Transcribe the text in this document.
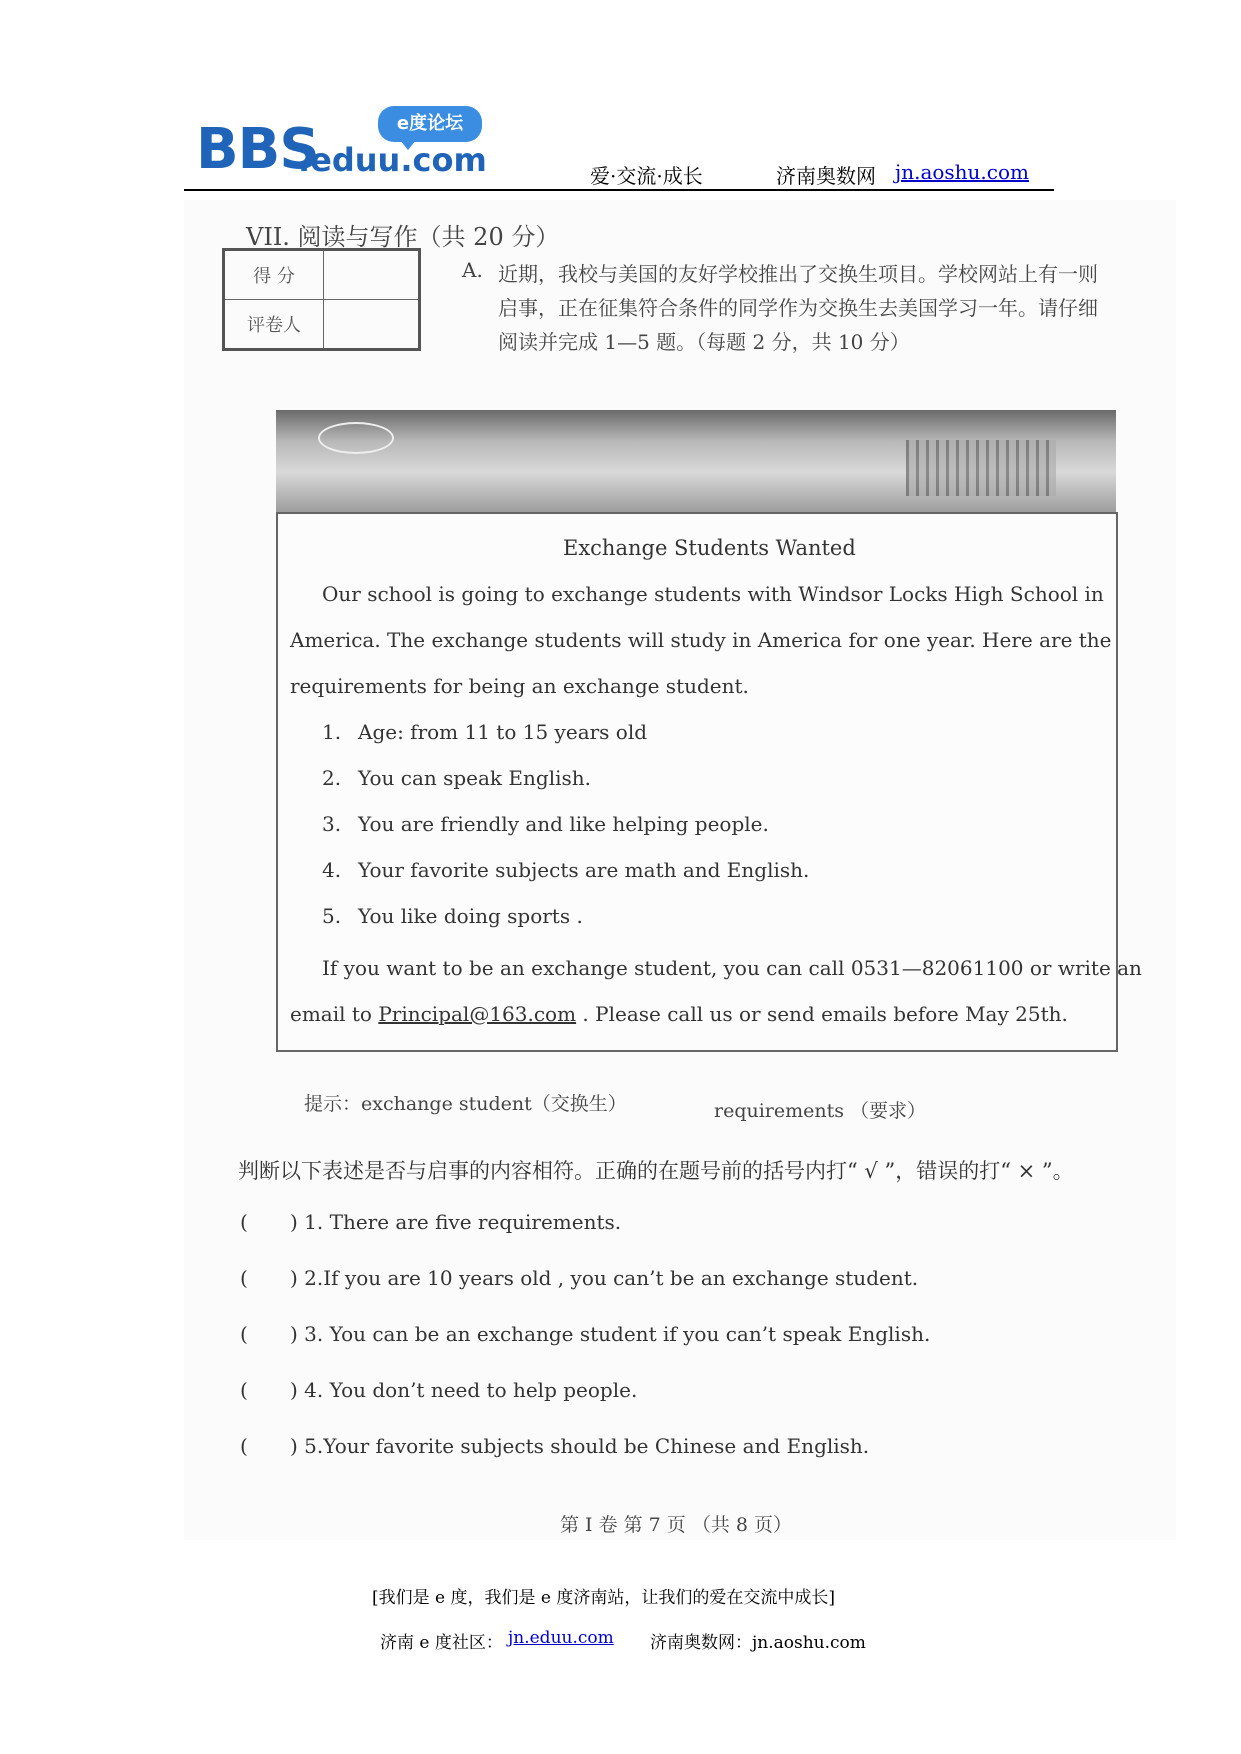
e度论坛
BBS
.eduu.com	爱·交流·成长	济南奥数网 jn.aoshu.com
VII. 阅读与写作（共 20 分）
得 分	
评卷人	
A. 近期，我校与美国的友好学校推出了交换生项目。学校网站上有一则
启事，正在征集符合条件的同学作为交换生去美国学习一年。请仔细
阅读并完成 1—5 题。（每题 2 分，共 10 分）
Exchange Students Wanted
Our school is going to exchange students with Windsor Locks High School in
America. The exchange students will study in America for one year. Here are the
requirements for being an exchange student.
1. Age: from 11 to 15 years old
2. You can speak English.
3. You are friendly and like helping people.
4. Your favorite subjects are math and English.
5. You like doing sports .
If you want to be an exchange student, you can call 0531—82061100 or write an
email to Principal@163.com . Please call us or send emails before May 25th.
提示：exchange student（交换生）	requirements （要求）
判断以下表述是否与启事的内容相符。正确的在题号前的括号内打“ √ ”，错误的打“ × ”。
( ) 1. There are five requirements.
( ) 2.If you are 10 years old , you can’t be an exchange student.
( ) 3. You can be an exchange student if you can’t speak English.
( ) 4. You don’t need to help people.
( ) 5.Your favorite subjects should be Chinese and English.
第 I 卷 第 7 页 （共 8 页）
[我们是 e 度，我们是 e 度济南站，让我们的爱在交流中成长]
济南 e 度社区： jn.eduu.com 济南奥数网：jn.aoshu.com
